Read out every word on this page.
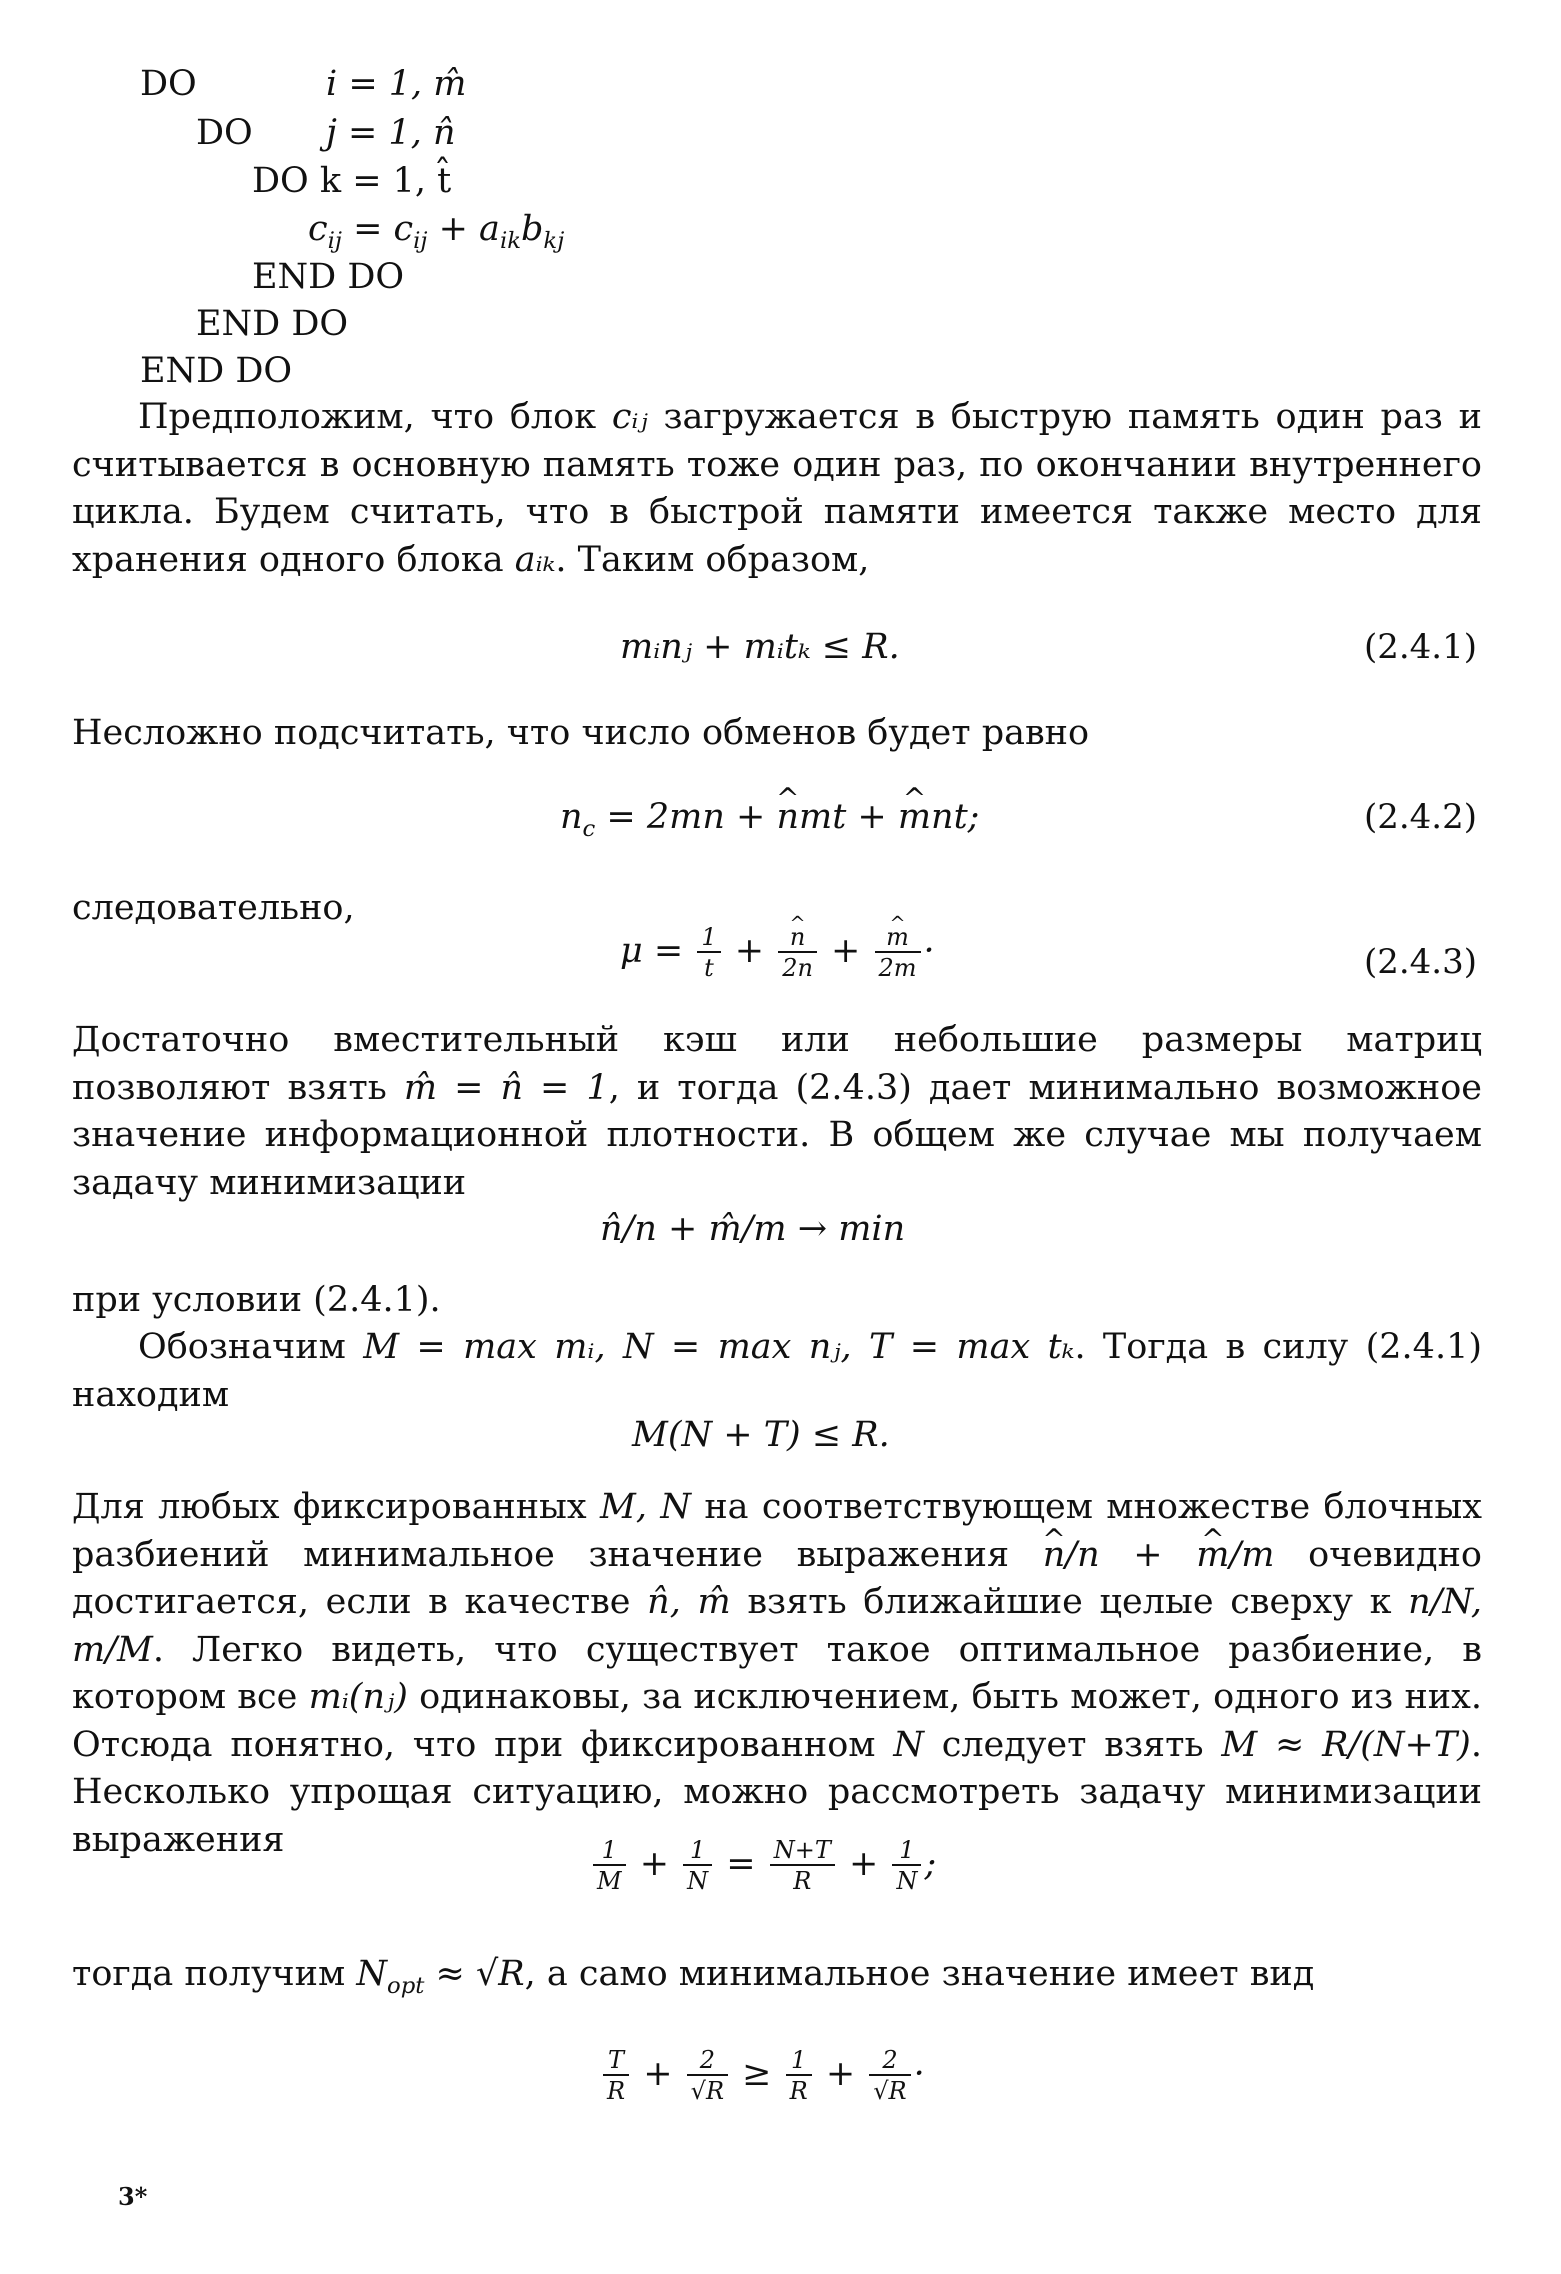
DO	i = 1, m̂
DO j = 1, n̂
DO k = 1, t̂
$c_{ij} = c_{ij} + a_{ik}b_{kj}$
END DO
END DO
END DO
Предположим, что блок cᵢⱼ загружается в быструю память один раз и считывается в основную память тоже один раз, по окончании внутреннего цикла. Будем считать, что в быстрой памяти имеется также место для хранения одного блока aᵢₖ. Таким образом,
mᵢnⱼ + mᵢtₖ ≤ R.	(2.4.1)
Несложно подсчитать, что число обменов будет равно
$n_c = 2mn$ + ^ nmt + ^ mnt;	(2.4.2)
следовательно,
$\mu = \frac{1}{t}$ + ^ $\frac{n}{2n}$ + ^ $\frac{m}{2m}$ ·	(2.4.3)
Достаточно вместительный кэш или небольшие размеры матриц позволяют взять m̂ = n̂ = 1, и тогда (2.4.3) дает минимально возможное значение информационной плотности. В общем же случае мы получаем задачу минимизации
n̂/n + m̂/m → min
при условии (2.4.1).
Обозначим M = max mᵢ, N = max nⱼ, T = max tₖ. Тогда в силу (2.4.1) находим
M(N + T) ≤ R.
Для любых фиксированных M, N на соответствующем множестве блочных разбиений минимальное значение выражения ^ n/n + ^ m/m очевидно достигается, если в качестве n̂, m̂ взять ближайшие целые сверху к n/N, m/M. Легко видеть, что существует такое оптимальное разбиение, в котором все mᵢ(nⱼ) одинаковы, за исключением, быть может, одного из них. Отсюда понятно, что при фиксированном N следует взять M ≈ R/(N+T). Несколько упрощая ситуацию, можно рассмотреть задачу минимизации выражения	$\frac{1}{M} + \frac{1}{N} = \frac{N+T}{R} + \frac{1}{N}$ ;
тогда получим $N_{opt} \approx √R$, а само минимальное значение имеет вид
$\frac{T}{R} + \frac{2}{√R} \ge \frac{1}{R} + \frac{2}{√R}$ ·
3*
